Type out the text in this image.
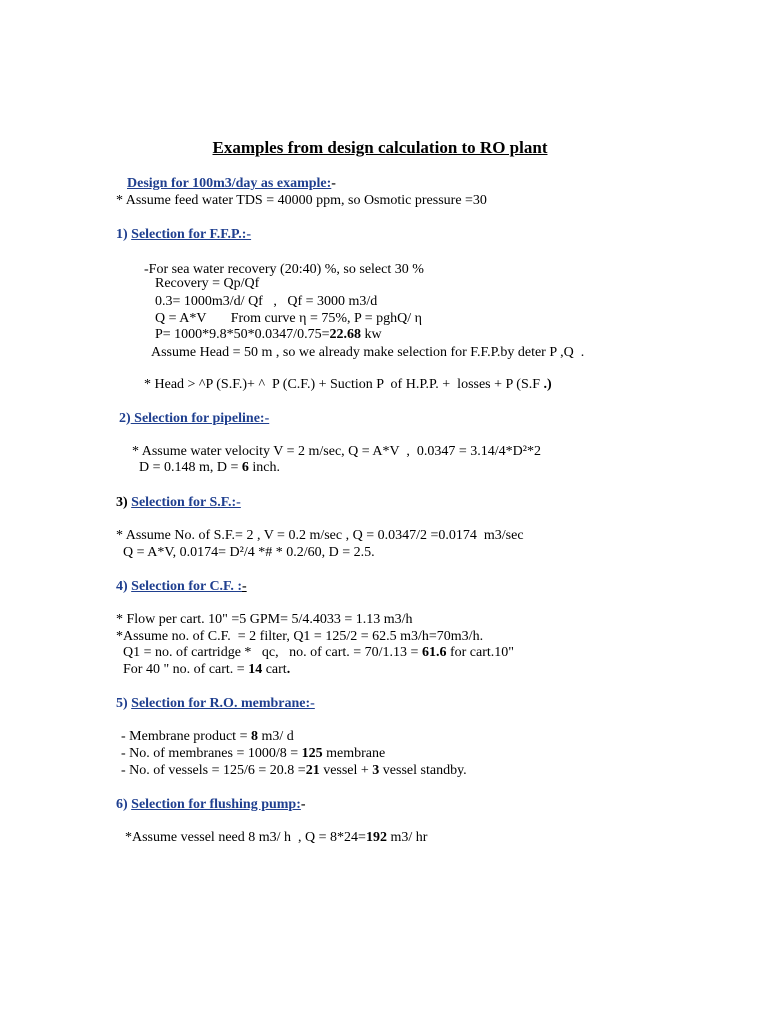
Examples from design calculation to RO plant
Design for 100m3/day as example:-
* Assume feed water TDS = 40000 ppm, so Osmotic pressure =30
1) Selection for F.F.P.:-
-For sea water recovery (20:40) %, so select 30 %
Recovery = Qp/Qf
0.3= 1000m3/d/ Qf   ,   Qf = 3000 m3/d
Q = A*V       From curve η = 75%, P = pghQ/ η
P= 1000*9.8*50*0.0347/0.75=22.68 kw
Assume Head = 50 m , so we already make selection for F.F.P.by deter P ,Q  .
* Head > ^P (S.F.)+ ^  P (C.F.) + Suction P  of H.P.P. +  losses + P (S.F .)
2) Selection for pipeline:-
* Assume water velocity V = 2 m/sec, Q = A*V  ,  0.0347 = 3.14/4*D²*2
D = 0.148 m, D = 6 inch.
3) Selection for S.F.:-
* Assume No. of S.F.= 2 , V = 0.2 m/sec , Q = 0.0347/2 =0.0174  m3/sec
Q = A*V, 0.0174= D²/4 *# * 0.2/60, D = 2.5.
4) Selection for C.F. :-
* Flow per cart. 10" =5 GPM= 5/4.4033 = 1.13 m3/h
*Assume no. of C.F.  = 2 filter, Q1 = 125/2 = 62.5 m3/h=70m3/h.
Q1 = no. of cartridge *   qc,   no. of cart. = 70/1.13 = 61.6 for cart.10"
For 40 " no. of cart. = 14 cart.
5) Selection for R.O. membrane:-
- Membrane product = 8 m3/ d
- No. of membranes = 1000/8 = 125 membrane
- No. of vessels = 125/6 = 20.8 =21 vessel + 3 vessel standby.
6) Selection for flushing pump:-
*Assume vessel need 8 m3/ h  , Q = 8*24=192 m3/ hr
